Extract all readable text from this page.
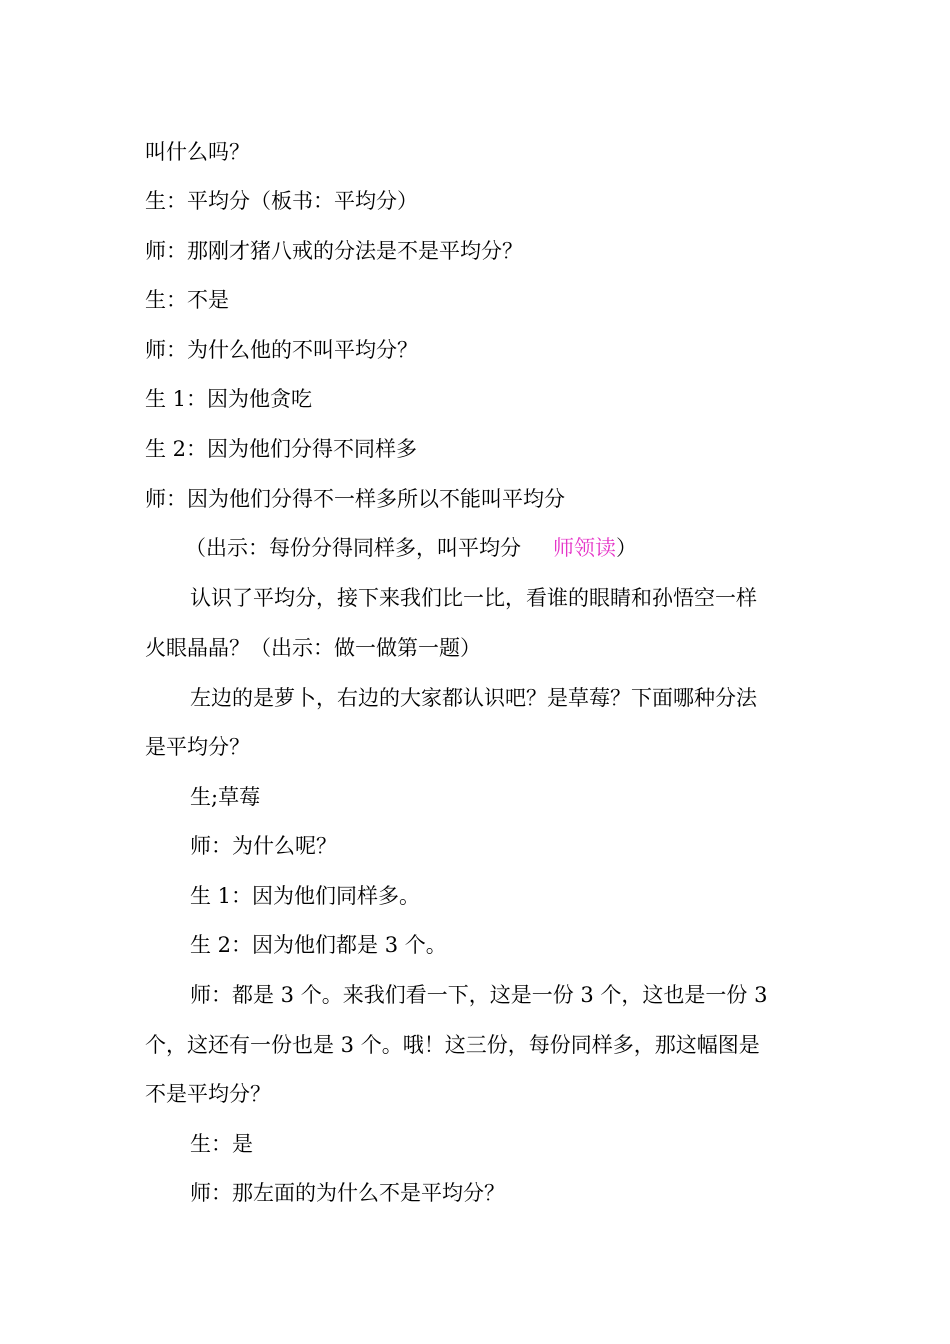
叫什么吗？
生：平均分（板书：平均分）
师：那刚才猪八戒的分法是不是平均分？
生：不是
师：为什么他的不叫平均分？
生 1：因为他贪吃
生 2：因为他们分得不同样多
师：因为他们分得不一样多所以不能叫平均分
（出示：每份分得同样多，叫平均分 师领读）
认识了平均分，接下来我们比一比，看谁的眼睛和孙悟空一样
火眼晶晶？（出示：做一做第一题）
左边的是萝卜，右边的大家都认识吧？是草莓？下面哪种分法
是平均分？
生;草莓
师：为什么呢？
生 1：因为他们同样多。
生 2：因为他们都是 3 个。
师：都是 3 个。来我们看一下，这是一份 3 个，这也是一份 3
个，这还有一份也是 3 个。哦！这三份，每份同样多，那这幅图是
不是平均分？
生：是
师：那左面的为什么不是平均分？
